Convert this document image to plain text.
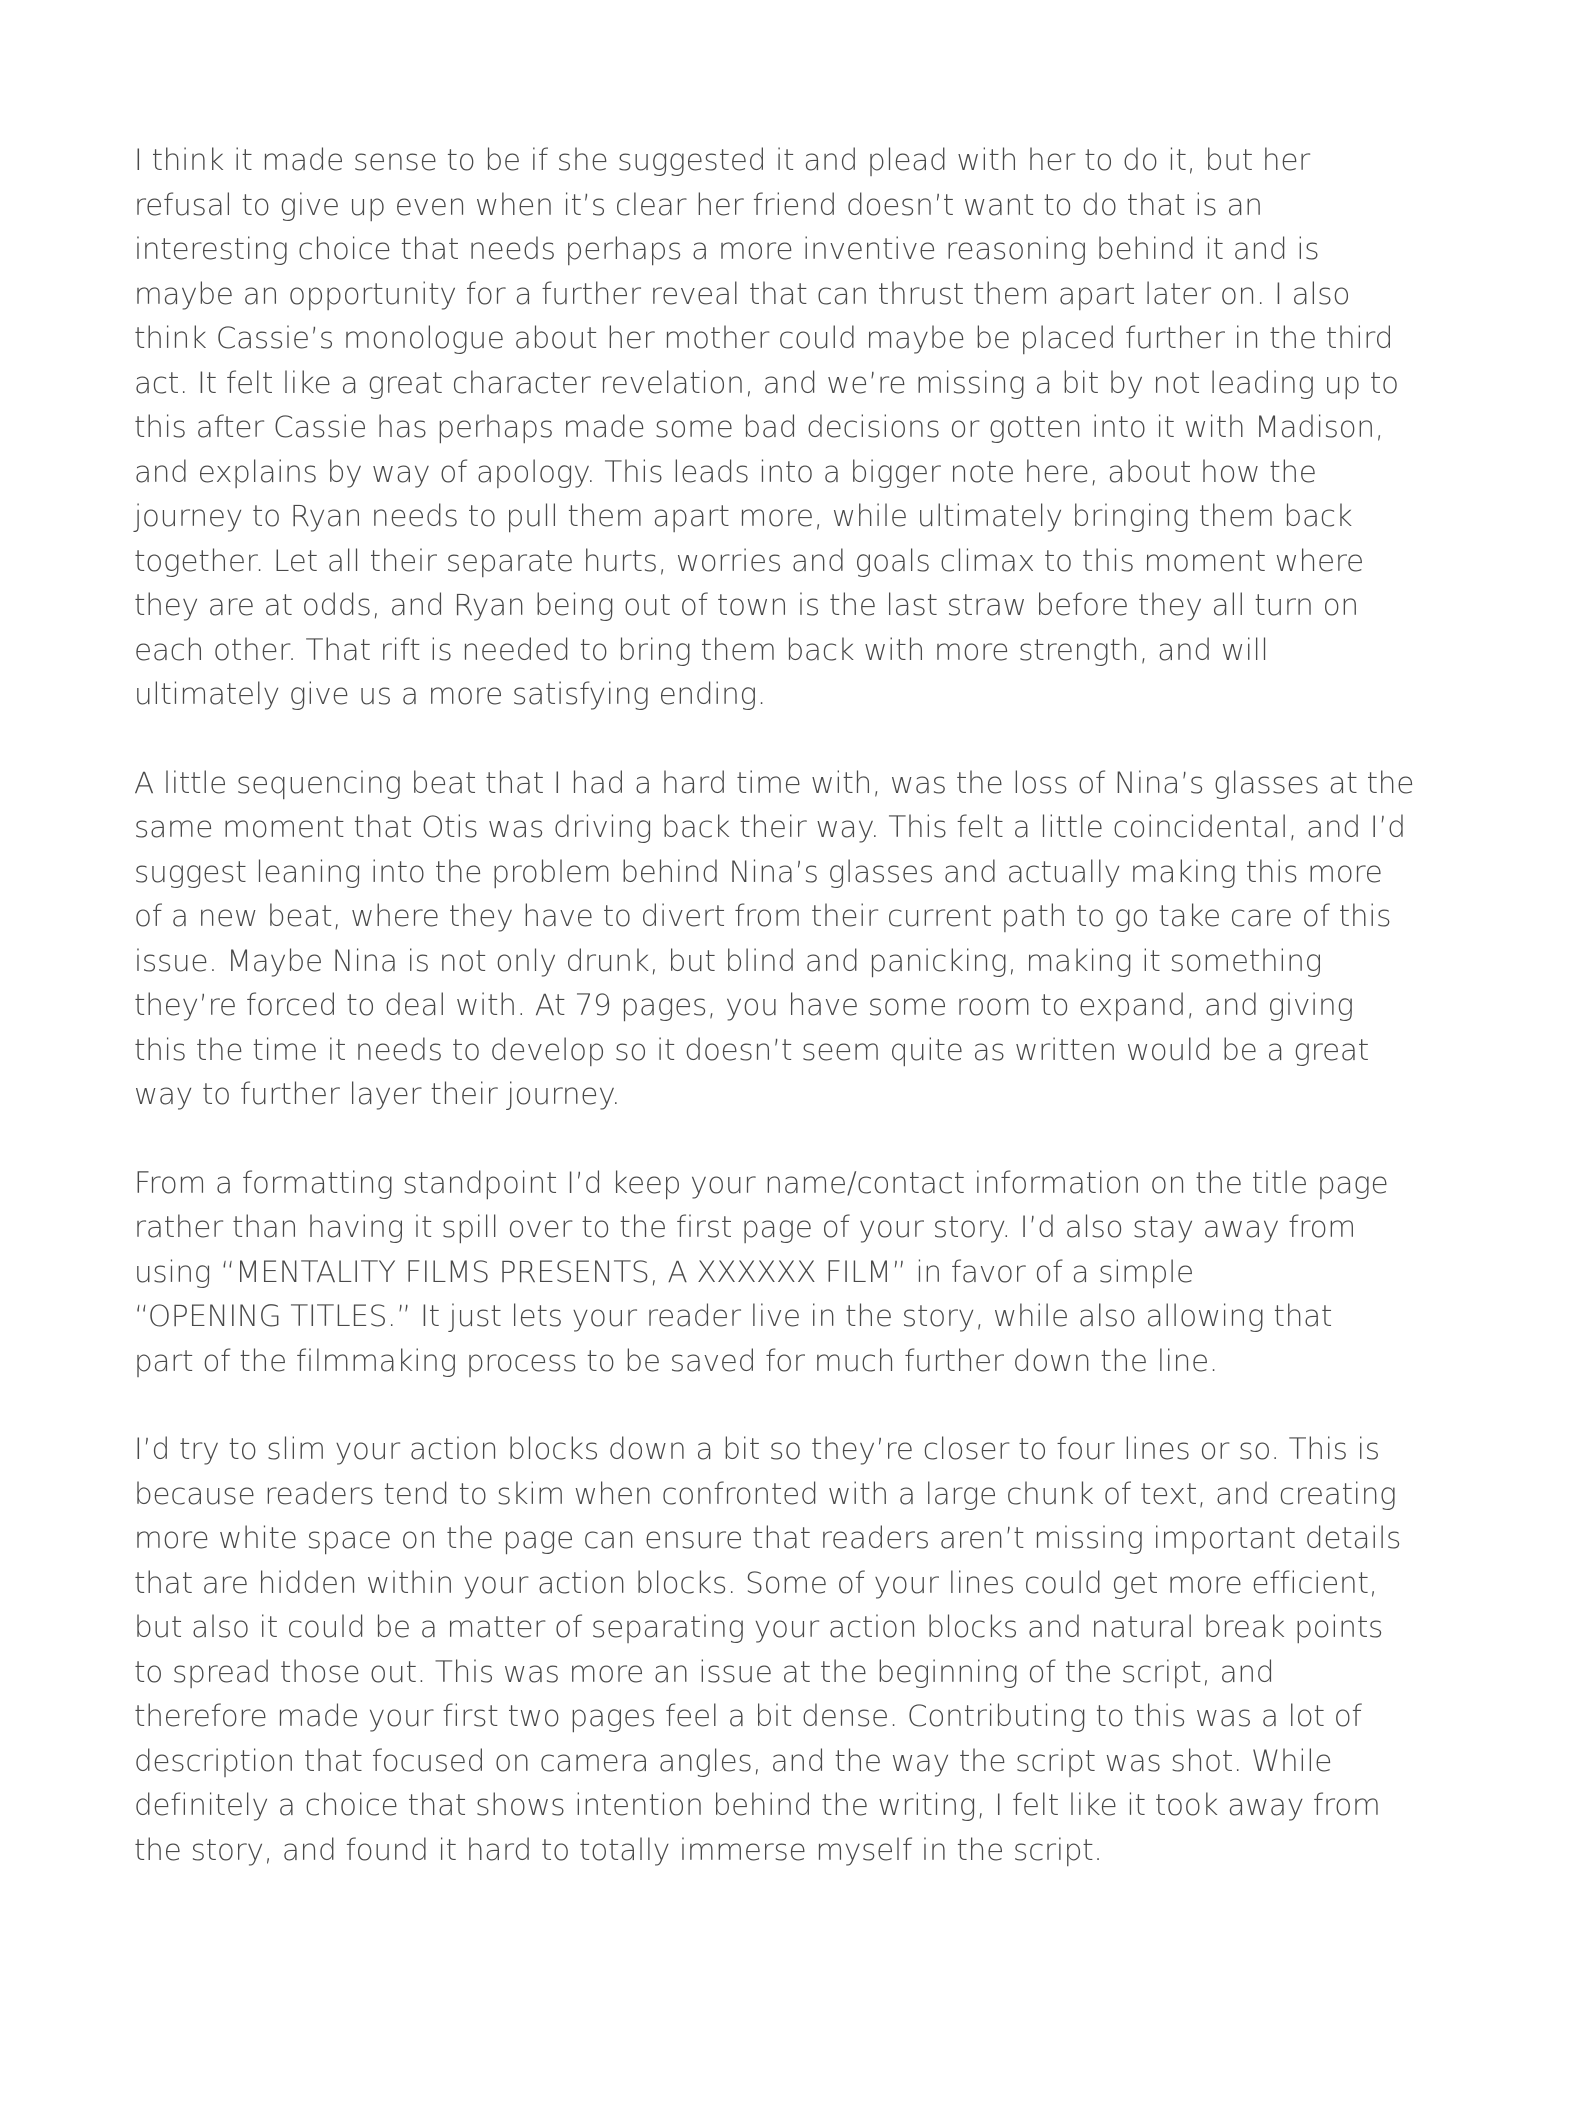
I think it made sense to be if she suggested it and plead with her to do it, but her
refusal to give up even when it’s clear her friend doesn’t want to do that is an
interesting choice that needs perhaps a more inventive reasoning behind it and is
maybe an opportunity for a further reveal that can thrust them apart later on. I also
think Cassie’s monologue about her mother could maybe be placed further in the third
act. It felt like a great character revelation, and we’re missing a bit by not leading up to
this after Cassie has perhaps made some bad decisions or gotten into it with Madison,
and explains by way of apology. This leads into a bigger note here, about how the
journey to Ryan needs to pull them apart more, while ultimately bringing them back
together. Let all their separate hurts, worries and goals climax to this moment where
they are at odds, and Ryan being out of town is the last straw before they all turn on
each other. That rift is needed to bring them back with more strength, and will
ultimately give us a more satisfying ending.

A little sequencing beat that I had a hard time with, was the loss of Nina’s glasses at the
same moment that Otis was driving back their way. This felt a little coincidental, and I’d
suggest leaning into the problem behind Nina’s glasses and actually making this more
of a new beat, where they have to divert from their current path to go take care of this
issue. Maybe Nina is not only drunk, but blind and panicking, making it something
they’re forced to deal with. At 79 pages, you have some room to expand, and giving
this the time it needs to develop so it doesn’t seem quite as written would be a great
way to further layer their journey.

From a formatting standpoint I’d keep your name/contact information on the title page
rather than having it spill over to the first page of your story. I’d also stay away from
using “MENTALITY FILMS PRESENTS, A XXXXXX FILM” in favor of a simple
“OPENING TITLES.” It just lets your reader live in the story, while also allowing that
part of the filmmaking process to be saved for much further down the line.

I’d try to slim your action blocks down a bit so they’re closer to four lines or so. This is
because readers tend to skim when confronted with a large chunk of text, and creating
more white space on the page can ensure that readers aren’t missing important details
that are hidden within your action blocks. Some of your lines could get more efficient,
but also it could be a matter of separating your action blocks and natural break points
to spread those out. This was more an issue at the beginning of the script, and
therefore made your first two pages feel a bit dense. Contributing to this was a lot of
description that focused on camera angles, and the way the script was shot. While
definitely a choice that shows intention behind the writing, I felt like it took away from
the story, and found it hard to totally immerse myself in the script.
